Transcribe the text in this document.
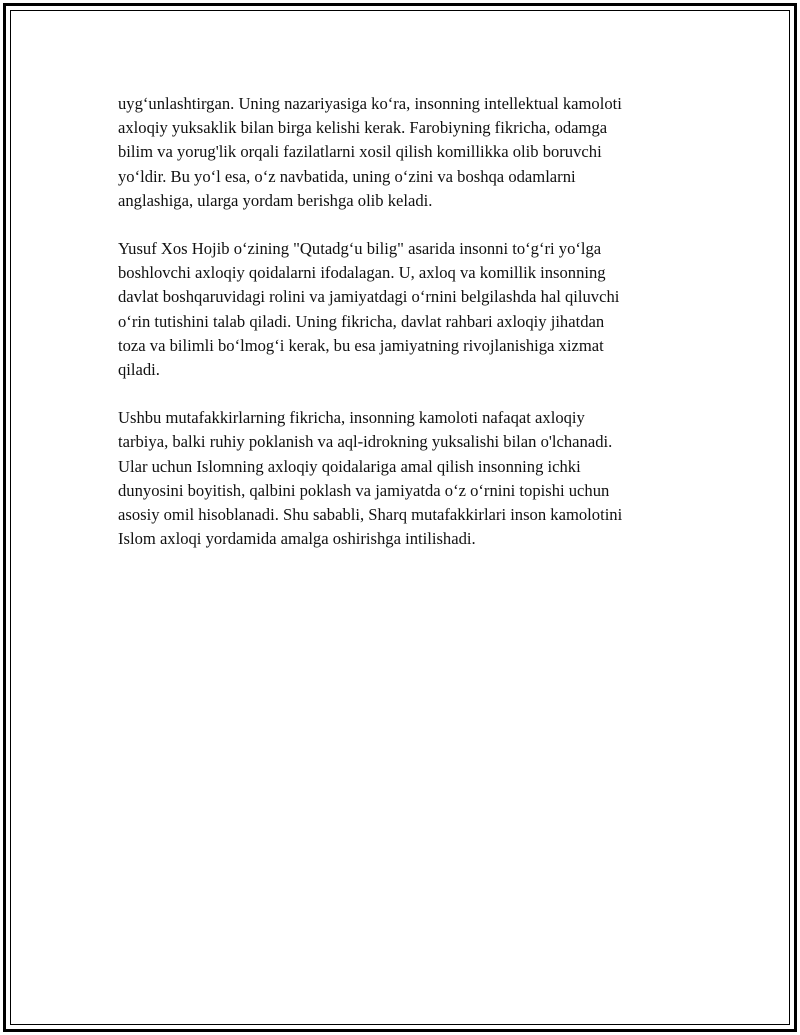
uygʻunlashtirgan. Uning nazariyasiga koʻra, insonning intellektual kamoloti
axloqiy yuksaklik bilan birga kelishi kerak. Farobiyning fikricha, odamga
bilim va yorug'lik orqali fazilatlarni xosil qilish komillikka olib boruvchi
yoʻldir. Bu yoʻl esa, oʻz navbatida, uning oʻzini va boshqa odamlarni
anglashiga, ularga yordam berishga olib keladi.

Yusuf Xos Hojib oʻzining "Qutadgʻu bilig" asarida insonni toʻgʻri yoʻlga
boshlovchi axloqiy qoidalarni ifodalagan. U, axloq va komillik insonning
davlat boshqaruvidagi rolini va jamiyatdagi oʻrnini belgilashda hal qiluvchi
oʻrin tutishini talab qiladi. Uning fikricha, davlat rahbari axloqiy jihatdan
toza va bilimli boʻlmogʻi kerak, bu esa jamiyatning rivojlanishiga xizmat
qiladi.

Ushbu mutafakkirlarning fikricha, insonning kamoloti nafaqat axloqiy
tarbiya, balki ruhiy poklanish va aql-idrokning yuksalishi bilan o'lchanadi.
Ular uchun Islomning axloqiy qoidalariga amal qilish insonning ichki
dunyosini boyitish, qalbini poklash va jamiyatda oʻz oʻrnini topishi uchun
asosiy omil hisoblanadi. Shu sababli, Sharq mutafakkirlari inson kamolotini
Islom axloqi yordamida amalga oshirishga intilishadi.
